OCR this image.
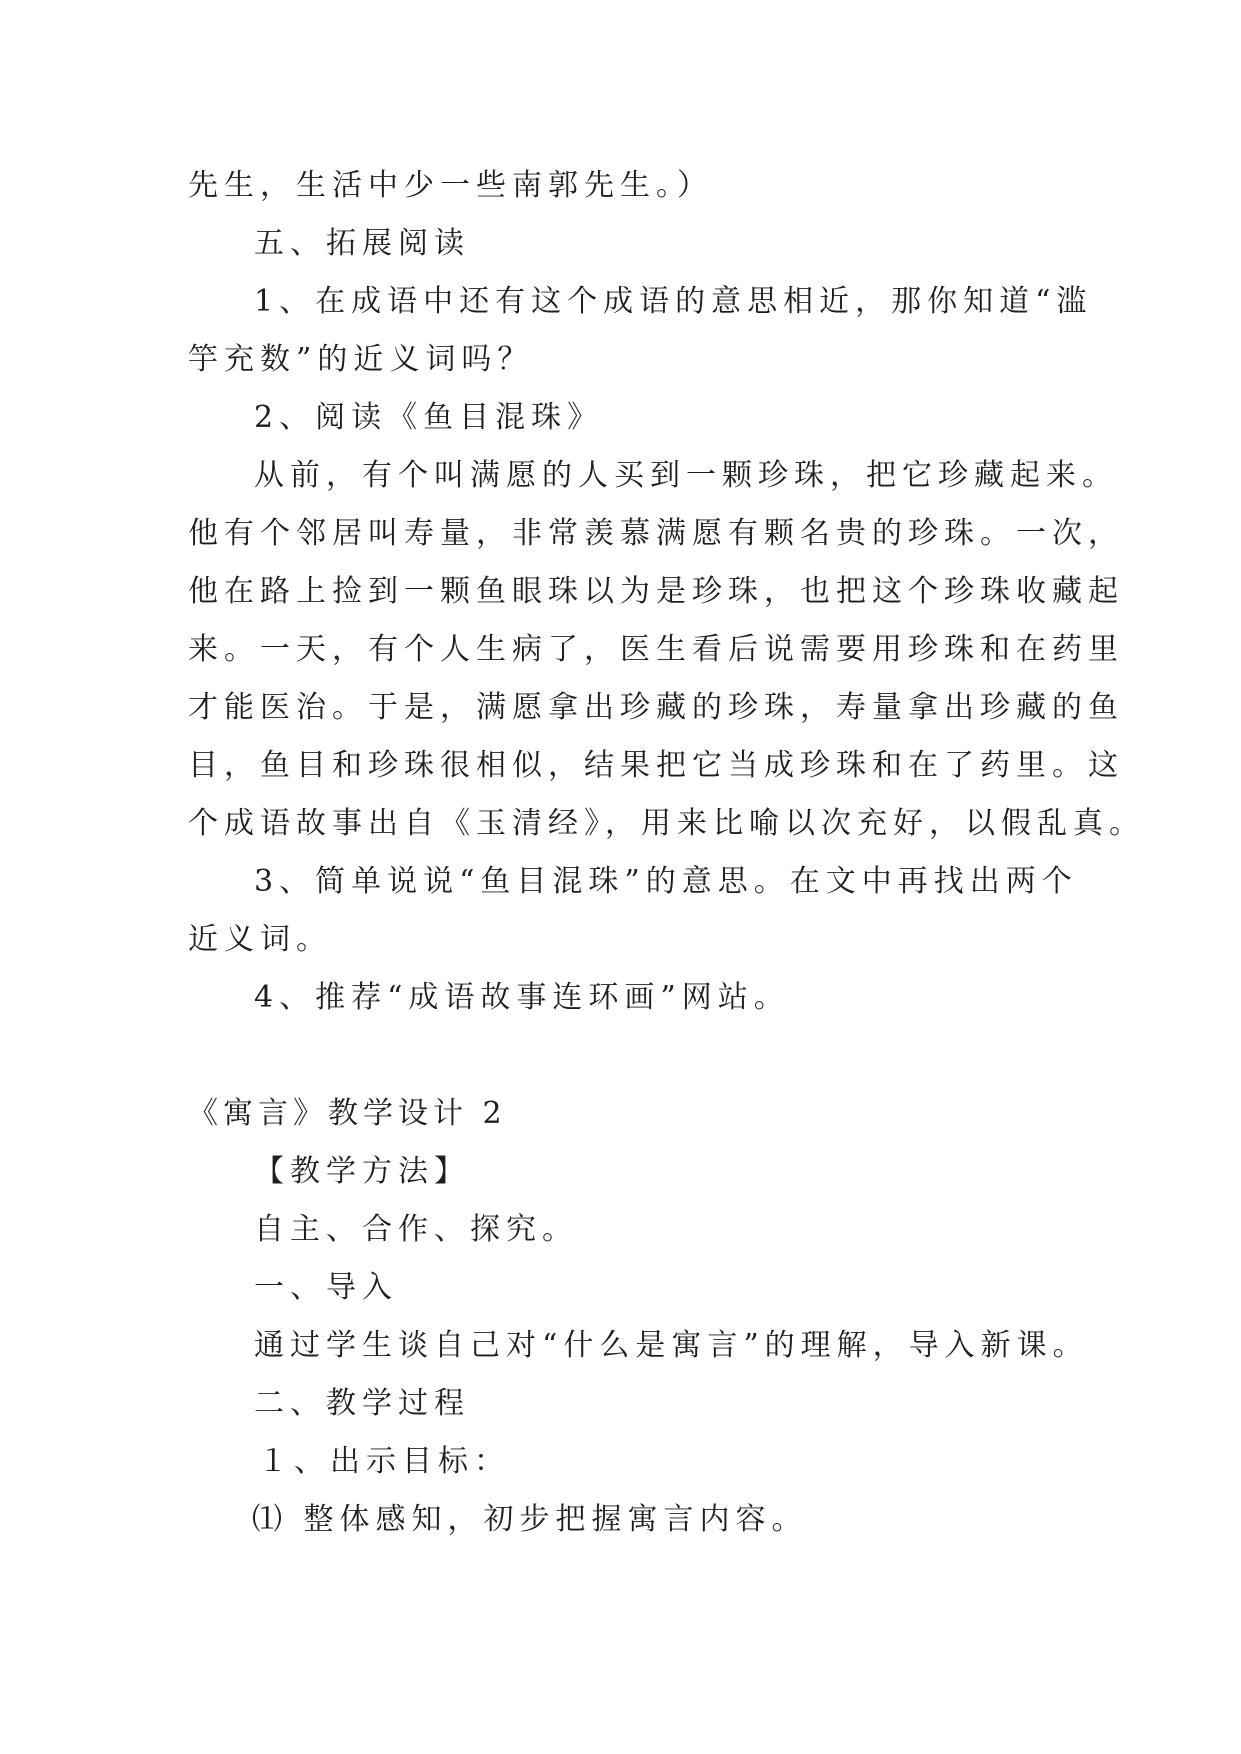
先生，生活中少一些南郭先生。）

五、拓展阅读

1、在成语中还有这个成语的意思相近，那你知道“滥

竽充数”的近义词吗？

2、阅读《鱼目混珠》

从前，有个叫满愿的人买到一颗珍珠，把它珍藏起来。

他有个邻居叫寿量，非常羡慕满愿有颗名贵的珍珠。一次，

他在路上捡到一颗鱼眼珠以为是珍珠，也把这个珍珠收藏起

来。一天，有个人生病了，医生看后说需要用珍珠和在药里

才能医治。于是，满愿拿出珍藏的珍珠，寿量拿出珍藏的鱼

目，鱼目和珍珠很相似，结果把它当成珍珠和在了药里。这

个成语故事出自《玉清经》，用来比喻以次充好，以假乱真。

3、简单说说“鱼目混珠”的意思。在文中再找出两个

近义词。

4、推荐“成语故事连环画”网站。

《寓言》教学设计 2

【教学方法】

自主、合作、探究。

一、导入

通过学生谈自己对“什么是寓言”的理解，导入新课。

二、教学过程

１、出示目标：

⑴ 整体感知，初步把握寓言内容。
